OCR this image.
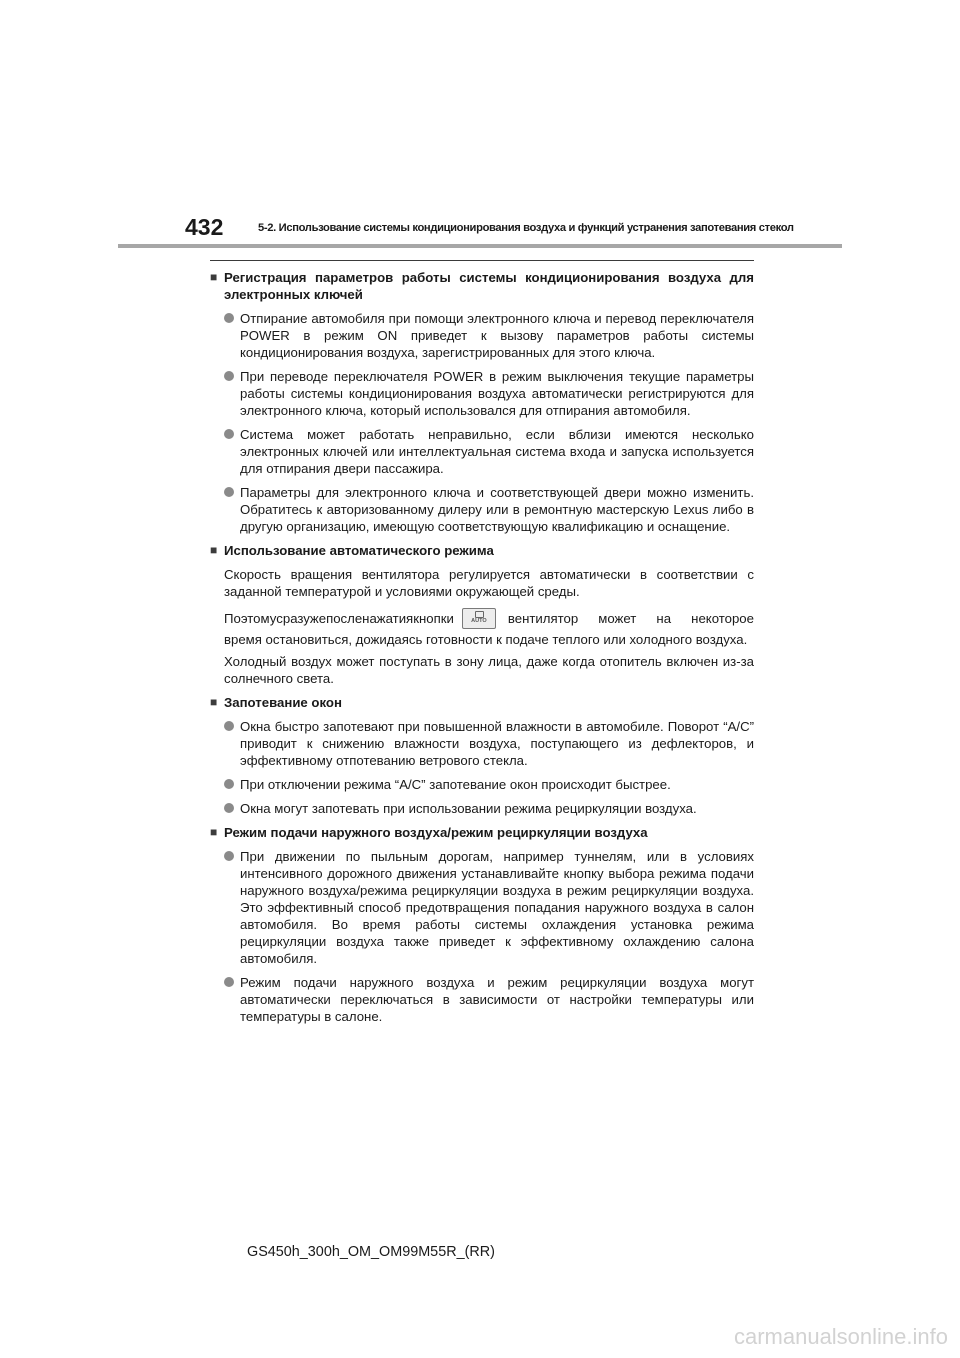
432	5-2. Использование системы кондиционирования воздуха и функций устранения запотевания стекол
■ Регистрация параметров работы системы кондиционирования воздуха для электронных ключей
Отпирание автомобиля при помощи электронного ключа и перевод переключателя POWER в режим ON приведет к вызову параметров работы системы кондиционирования воздуха, зарегистрированных для этого ключа.
При переводе переключателя POWER в режим выключения текущие параметры работы системы кондиционирования воздуха автоматически регистрируются для электронного ключа, который использовался для отпирания автомобиля.
Система может работать неправильно, если вблизи имеются несколько электронных ключей или интеллектуальная система входа и запуска используется для отпирания двери пассажира.
Параметры для электронного ключа и соответствующей двери можно изменить. Обратитесь к авторизованному дилеру или в ремонтную мастерскую Lexus либо в другую организацию, имеющую соответствующую квалификацию и оснащение.
■ Использование автоматического режима
Скорость вращения вентилятора регулируется автоматически в соответствии с заданной температурой и условиями окружающей среды.
Поэтому сразу же после нажатия кнопки	AUTO	вентилятор может на некоторое
время остановиться, дожидаясь готовности к подаче теплого или холодного воздуха.
Холодный воздух может поступать в зону лица, даже когда отопитель включен из-за солнечного света.
■ Запотевание окон
Окна быстро запотевают при повышенной влажности в автомобиле. Поворот “A/C” приводит к снижению влажности воздуха, поступающего из дефлекторов, и эффективному отпотеванию ветрового стекла.
При отключении режима “A/C” запотевание окон происходит быстрее.
Окна могут запотевать при использовании режима рециркуляции воздуха.
■ Режим подачи наружного воздуха/режим рециркуляции воздуха
При движении по пыльным дорогам, например туннелям, или в условиях интенсивного дорожного движения устанавливайте кнопку выбора режима подачи наружного воздуха/режима рециркуляции воздуха в режим рециркуляции воздуха. Это эффективный способ предотвращения попадания наружного воздуха в салон автомобиля. Во время работы системы охлаждения установка режима рециркуляции воздуха также приведет к эффективному охлаждению салона автомобиля.
Режим подачи наружного воздуха и режим рециркуляции воздуха могут автоматически переключаться в зависимости от настройки температуры или температуры в салоне.
GS450h_300h_OM_OM99M55R_(RR)
carmanualsonline.info
